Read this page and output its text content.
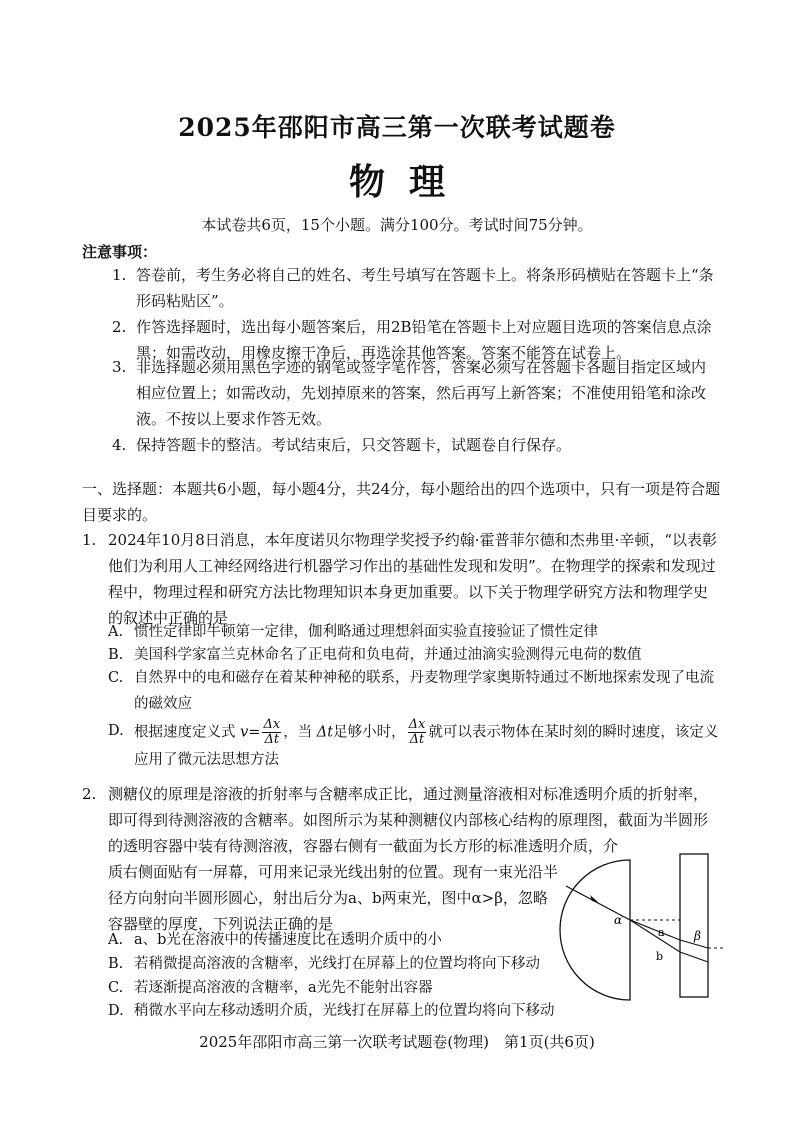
2025年邵阳市高三第一次联考试题卷
物理
本试卷共6页，15个小题。满分100分。考试时间75分钟。
注意事项：
1. 答卷前，考生务必将自己的姓名、考生号填写在答题卡上。将条形码横贴在答题卡上“条形码粘贴区”。
2. 作答选择题时，选出每小题答案后，用2B铅笔在答题卡上对应题目选项的答案信息点涂黑；如需改动，用橡皮擦干净后，再选涂其他答案。答案不能答在试卷上。
3. 非选择题必须用黑色字迹的钢笔或签字笔作答，答案必须写在答题卡各题目指定区域内相应位置上；如需改动，先划掉原来的答案，然后再写上新答案；不准使用铅笔和涂改液。不按以上要求作答无效。
4. 保持答题卡的整洁。考试结束后，只交答题卡，试题卷自行保存。
一、选择题：本题共6小题，每小题4分，共24分，每小题给出的四个选项中，只有一项是符合题目要求的。
1. 2024年10月8日消息，本年度诺贝尔物理学奖授予约翰·霍普菲尔德和杰弗里·辛顿，“以表彰他们为利用人工神经网络进行机器学习作出的基础性发现和发明”。在物理学的探索和发现过程中，物理过程和研究方法比物理知识本身更加重要。以下关于物理学研究方法和物理学史的叙述中正确的是
A. 惯性定律即牛顿第一定律，伽利略通过理想斜面实验直接验证了惯性定律
B. 美国科学家富兰克林命名了正电荷和负电荷，并通过油滴实验测得元电荷的数值
C. 自然界中的电和磁存在着某种神秘的联系，丹麦物理学家奥斯特通过不断地探索发现了电流的磁效应
D. 根据速度定义式 $v= \frac{\Delta x}{\Delta t}$ ，当 Δt足够小时， $\frac{\Delta x}{\Delta t}$ 就可以表示物体在某时刻的瞬时速度，该定义应用了微元法思想方法
2. 测糖仪的原理是溶液的折射率与含糖率成正比，通过测量溶液相对标准透明介质的折射率，即可得到待测溶液的含糖率。如图所示为某种测糖仪内部核心结构的原理图，截面为半圆形的透明容器中装有待测溶液，容器右侧有一截面为长方形的标准透明介质，介
质右侧面贴有一屏幕，可用来记录光线出射的位置。现有一束光沿半径方向射向半圆形圆心，射出后分为a、b两束光，图中α>β，忽略容器壁的厚度，下列说法正确的是
A. a、b光在溶液中的传播速度比在透明介质中的小
B. 若稍微提高溶液的含糖率，光线打在屏幕上的位置均将向下移动
C. 若逐渐提高溶液的含糖率，a光先不能射出容器
D. 稍微水平向左移动透明介质，光线打在屏幕上的位置均将向下移动
α
a
b
β
2025年邵阳市高三第一次联考试题卷(物理)　第1页(共6页)
